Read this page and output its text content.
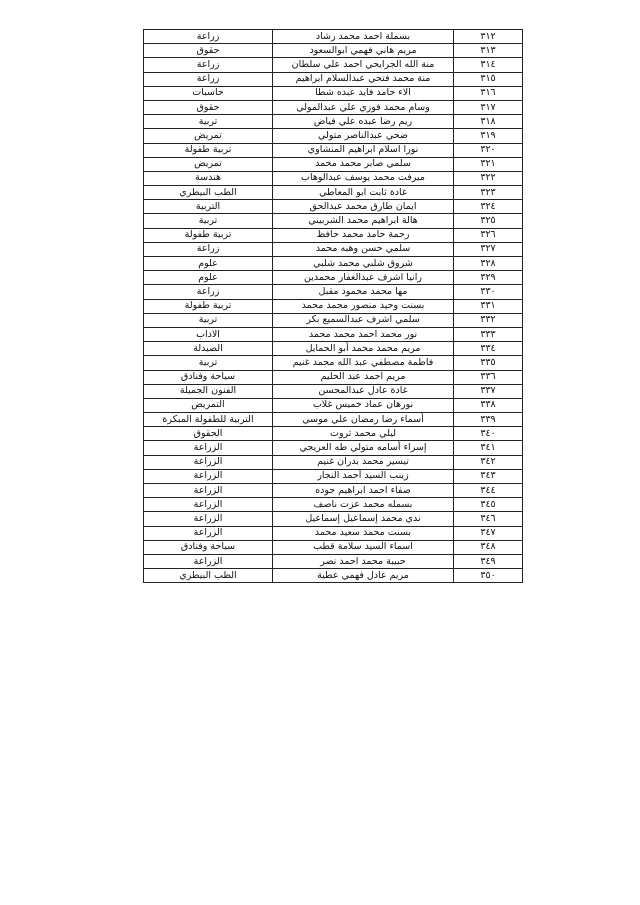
زراعة	بسملة احمد محمد رشاد	٣١٢
حقوق	مريم هاني فهمي ابوالسعود	٣١٣
زراعة	منة الله الجرايحي احمد علي سلطان	٣١٤
زراعة	منة محمد فتحي عبدالسلام ابراهيم	٣١٥
حاسبات	الاء حامد فايد عبده شطا	٣١٦
حقوق	وسام محمد فوزي علي عبدالمولي	٣١٧
تربية	ريم رضا عبده علي فياض	٣١٨
تمريض	ضحي عبدالناصر متولي	٣١٩
تربية طفولة	نورا اسلام ابراهيم المنشاوي	٣٢٠
تمريض	سلمي صابر محمد محمد	٣٢١
هندسة	ميرفت محمد يوسف عبدالوهاب	٣٢٢
الطب البيطري	غادة ثابت ابو المعاطي	٣٢٣
التربية	ايمان طارق محمد عبدالحق	٣٢٤
تربية	هالة ابراهيم محمد الشربيني	٣٢٥
تربية طفولة	رحمة حامد محمد حافظ	٣٢٦
زراعة	سلمي حسن وهبه محمد	٣٢٧
علوم	شروق شلبي محمد شلبي	٣٢٨
علوم	رانيا اشرف عبدالغفار محمدين	٣٢٩
زراعة	مها محمد محمود مقبل	٣٣٠
تربية طفولة	بسنت وحيد منصور محمد محمد	٣٣١
تربية	سلمي اشرف عبدالسميع بكر	٣٣٢
الاداب	نور محمد احمد محمد محمد	٣٣٣
الصيدلة	مريم محمد محمد أبو الحمايل	٣٣٤
تربية	فاطمة مصطفي عبد الله محمد غنيم	٣٣٥
سياحة وفنادق	مريم احمد عبد الحليم	٣٣٦
الفنون الجميلة	غادة عادل عبدالمحسن	٣٣٧
التمريض	نورهان عماد خميس غلاب	٣٣٨
التربية للطفولة المبكرة	أسماء رضا رمضان علي موسي	٣٣٩
الحقوق	ليلي محمد ثروت	٣٤٠
الزراعة	إسراء أسامه متولي طه العريجي	٣٤١
الزراعة	تيسير محمد بدران غنيم	٣٤٢
الزراعة	زينب السيد أحمد النجار	٣٤٣
الزراعة	صفاء احمد ابراهيم جوده	٣٤٤
الزراعة	بسمله محمد عزت ناصف	٣٤٥
الزراعة	ندي محمد إسماعيل إسماعيل	٣٤٦
الزراعة	بسنت محمد سعيد محمد	٣٤٧
سياحة وفنادق	اسماء السيد سلامة قطب	٣٤٨
الزراعة	حبيبة محمد احمد نصر	٣٤٩
الطب البيطري	مريم عادل فهمي عطية	٣٥٠
